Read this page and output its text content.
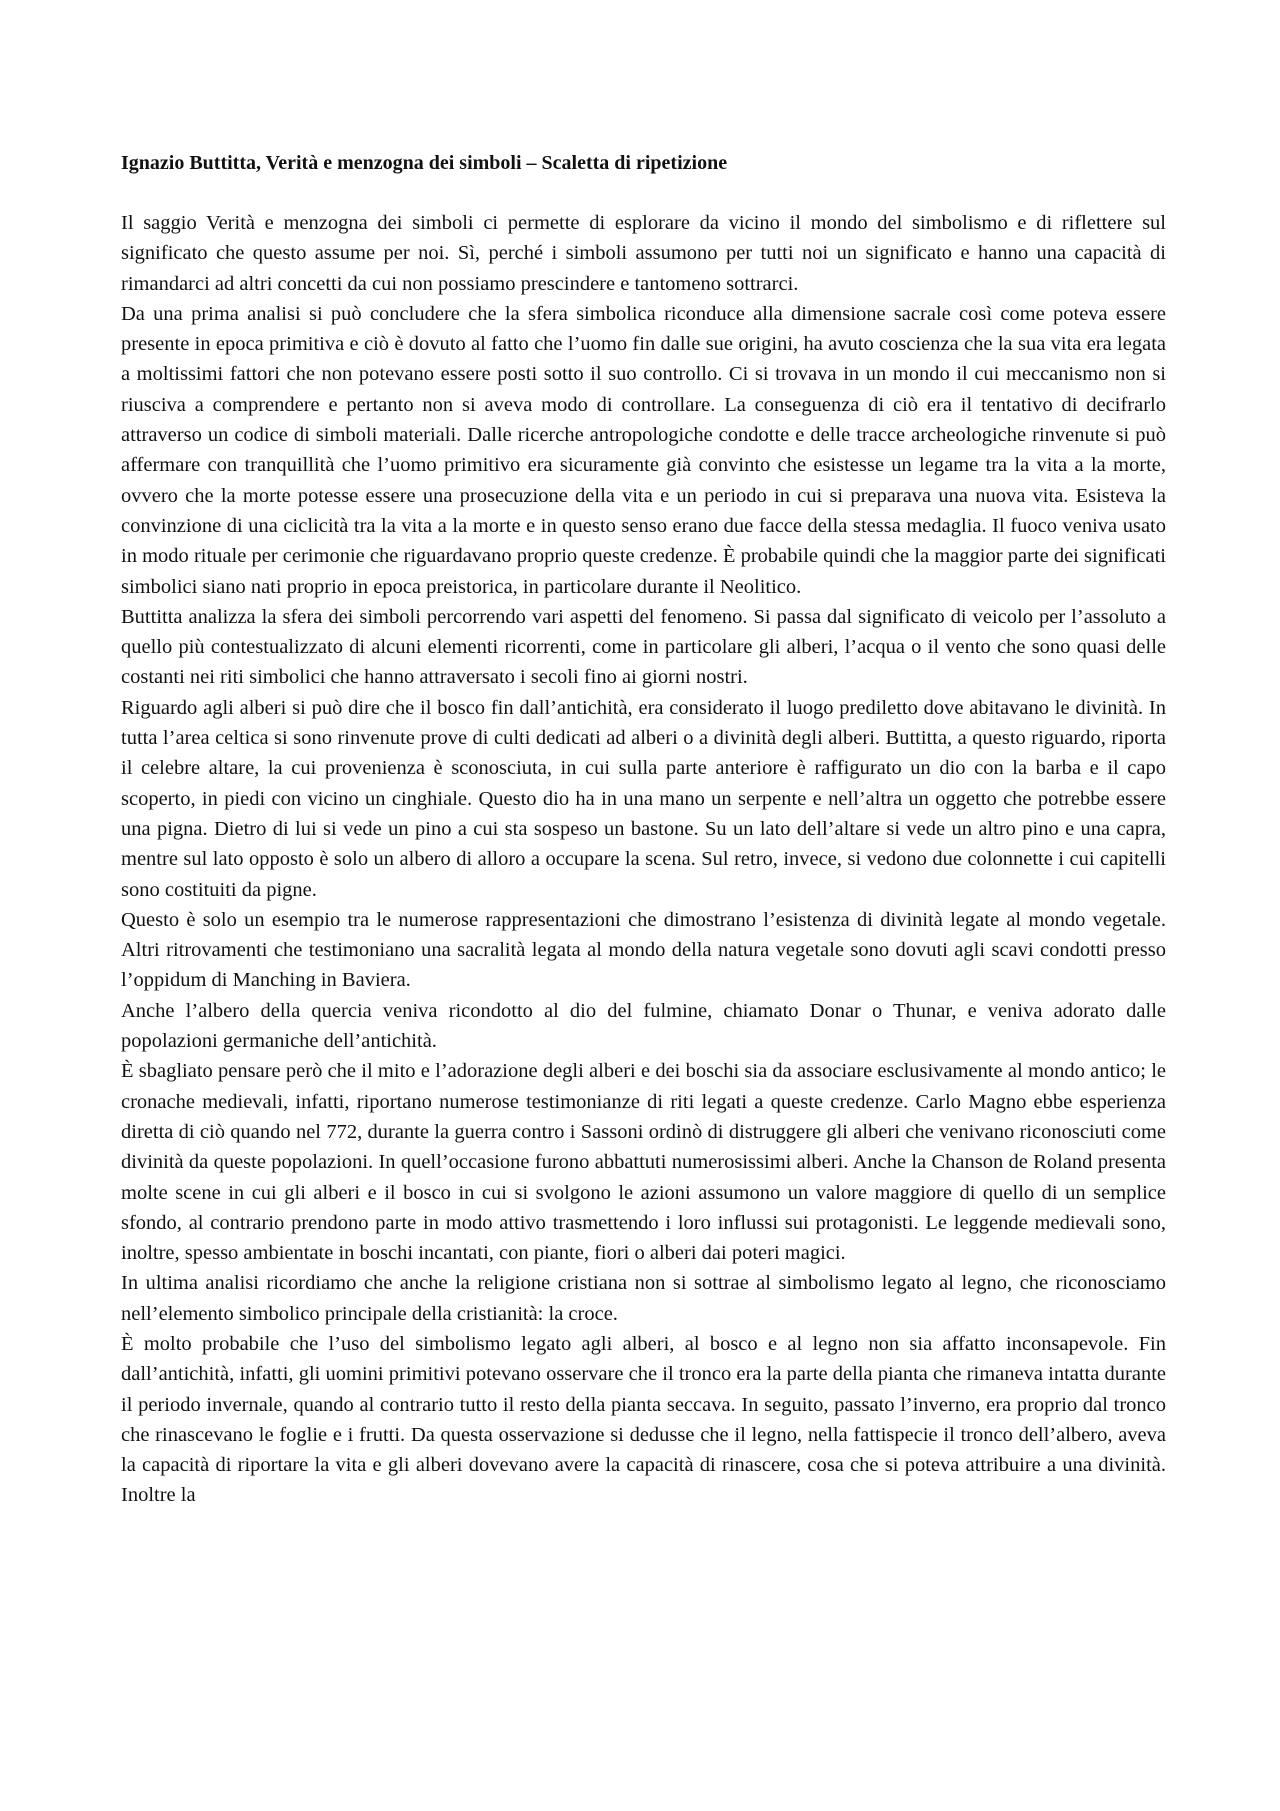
Ignazio Buttitta, Verità e menzogna dei simboli – Scaletta di ripetizione

Il saggio Verità e menzogna dei simboli ci permette di esplorare da vicino il mondo del simbolismo e di riflettere sul significato che questo assume per noi. Sì, perché i simboli assumono per tutti noi un significato e hanno una capacità di rimandarci ad altri concetti da cui non possiamo prescindere e tantomeno sottrarci.

Da una prima analisi si può concludere che la sfera simbolica riconduce alla dimensione sacrale così come poteva essere presente in epoca primitiva e ciò è dovuto al fatto che l’uomo fin dalle sue origini, ha avuto coscienza che la sua vita era legata a moltissimi fattori che non potevano essere posti sotto il suo controllo. Ci si trovava in un mondo il cui meccanismo non si riusciva a comprendere e pertanto non si aveva modo di controllare. La conseguenza di ciò era il tentativo di decifrarlo attraverso un codice di simboli materiali. Dalle ricerche antropologiche condotte e delle tracce archeologiche rinvenute si può affermare con tranquillità che l’uomo primitivo era sicuramente già convinto che esistesse un legame tra la vita a la morte, ovvero che la morte potesse essere una prosecuzione della vita e un periodo in cui si preparava una nuova vita. Esisteva la convinzione di una ciclicità tra la vita a la morte e in questo senso erano due facce della stessa medaglia. Il fuoco veniva usato in modo rituale per cerimonie che riguardavano proprio queste credenze. È probabile quindi che la maggior parte dei significati simbolici siano nati proprio in epoca preistorica, in particolare durante il Neolitico.

Buttitta analizza la sfera dei simboli percorrendo vari aspetti del fenomeno. Si passa dal significato di veicolo per l’assoluto a quello più contestualizzato di alcuni elementi ricorrenti, come in particolare gli alberi, l’acqua o il vento che sono quasi delle costanti nei riti simbolici che hanno attraversato i secoli fino ai giorni nostri.

Riguardo agli alberi si può dire che il bosco fin dall’antichità, era considerato il luogo prediletto dove abitavano le divinità. In tutta l’area celtica si sono rinvenute prove di culti dedicati ad alberi o a divinità degli alberi. Buttitta, a questo riguardo, riporta il celebre altare, la cui provenienza è sconosciuta, in cui sulla parte anteriore è raffigurato un dio con la barba e il capo scoperto, in piedi con vicino un cinghiale. Questo dio ha in una mano un serpente e nell’altra un oggetto che potrebbe essere una pigna. Dietro di lui si vede un pino a cui sta sospeso un bastone. Su un lato dell’altare si vede un altro pino e una capra, mentre sul lato opposto è solo un albero di alloro a occupare la scena. Sul retro, invece, si vedono due colonnette i cui capitelli sono costituiti da pigne.

Questo è solo un esempio tra le numerose rappresentazioni che dimostrano l’esistenza di divinità legate al mondo vegetale. Altri ritrovamenti che testimoniano una sacralità legata al mondo della natura vegetale sono dovuti agli scavi condotti presso l’oppidum di Manching in Baviera.

Anche l’albero della quercia veniva ricondotto al dio del fulmine, chiamato Donar o Thunar, e veniva adorato dalle popolazioni germaniche dell’antichità.

È sbagliato pensare però che il mito e l’adorazione degli alberi e dei boschi sia da associare esclusivamente al mondo antico; le cronache medievali, infatti, riportano numerose testimonianze di riti legati a queste credenze. Carlo Magno ebbe esperienza diretta di ciò quando nel 772, durante la guerra contro i Sassoni ordinò di distruggere gli alberi che venivano riconosciuti come divinità da queste popolazioni. In quell’occasione furono abbattuti numerosissimi alberi. Anche la Chanson de Roland presenta molte scene in cui gli alberi e il bosco in cui si svolgono le azioni assumono un valore maggiore di quello di un semplice sfondo, al contrario prendono parte in modo attivo trasmettendo i loro influssi sui protagonisti. Le leggende medievali sono, inoltre, spesso ambientate in boschi incantati, con piante, fiori o alberi dai poteri magici.

In ultima analisi ricordiamo che anche la religione cristiana non si sottrae al simbolismo legato al legno, che riconosciamo nell’elemento simbolico principale della cristianità: la croce.

È molto probabile che l’uso del simbolismo legato agli alberi, al bosco e al legno non sia affatto inconsapevole. Fin dall’antichità, infatti, gli uomini primitivi potevano osservare che il tronco era la parte della pianta che rimaneva intatta durante il periodo invernale, quando al contrario tutto il resto della pianta seccava. In seguito, passato l’inverno, era proprio dal tronco che rinascevano le foglie e i frutti. Da questa osservazione si dedusse che il legno, nella fattispecie il tronco dell’albero, aveva la capacità di riportare la vita e gli alberi dovevano avere la capacità di rinascere, cosa che si poteva attribuire a una divinità. Inoltre la
